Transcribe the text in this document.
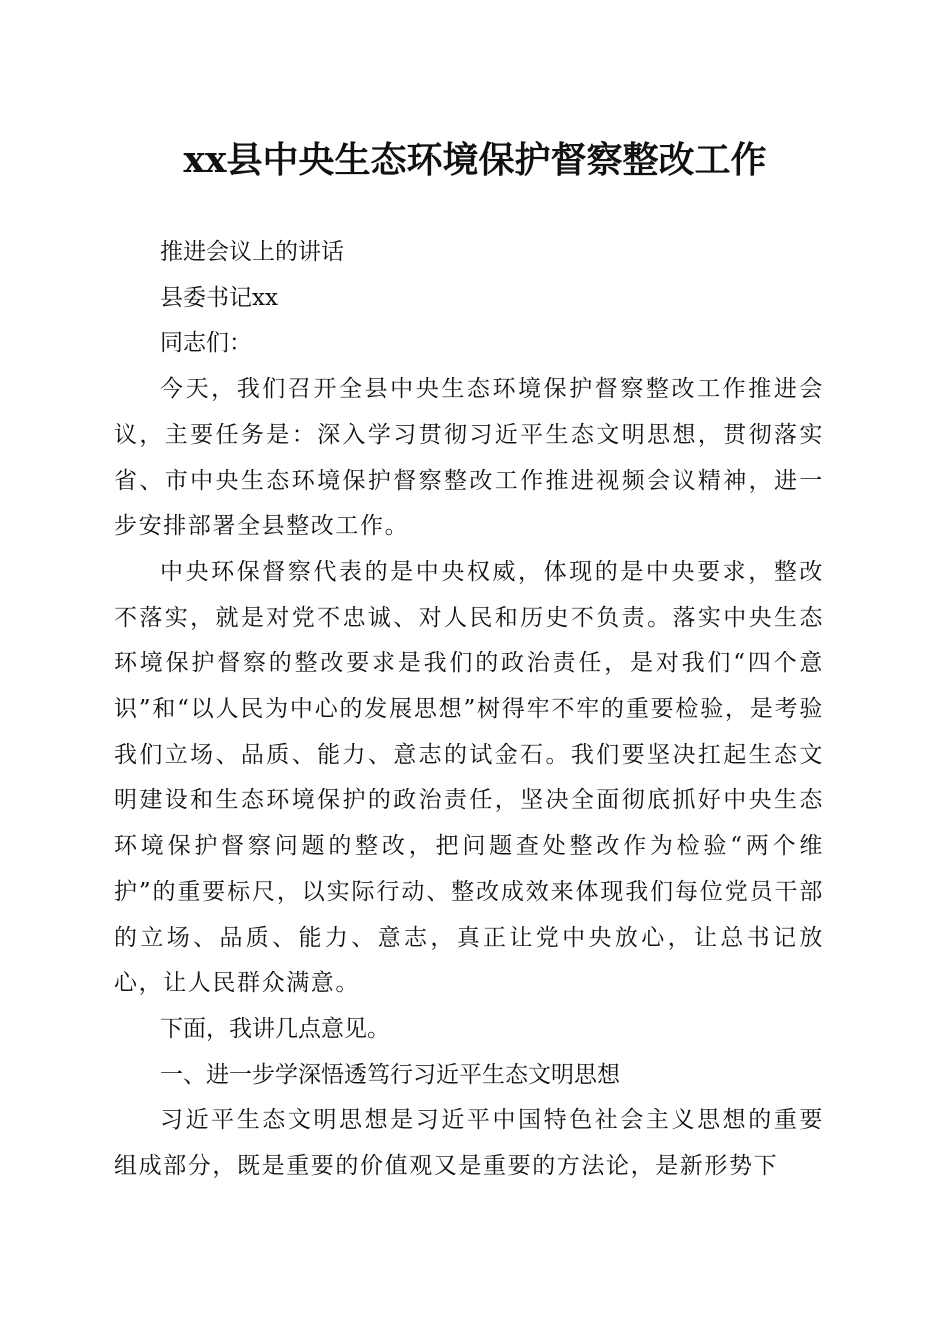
xx县中央生态环境保护督察整改工作

推进会议上的讲话

县委书记xx

同志们：

今天，我们召开全县中央生态环境保护督察整改工作推进会议，主要任务是：深入学习贯彻习近平生态文明思想，贯彻落实省、市中央生态环境保护督察整改工作推进视频会议精神，进一步安排部署全县整改工作。

中央环保督察代表的是中央权威，体现的是中央要求，整改不落实，就是对党不忠诚、对人民和历史不负责。落实中央生态环境保护督察的整改要求是我们的政治责任，是对我们“四个意识”和“以人民为中心的发展思想”树得牢不牢的重要检验，是考验我们立场、品质、能力、意志的试金石。我们要坚决扛起生态文明建设和生态环境保护的政治责任，坚决全面彻底抓好中央生态环境保护督察问题的整改，把问题查处整改作为检验“两个维护”的重要标尺，以实际行动、整改成效来体现我们每位党员干部的立场、品质、能力、意志，真正让党中央放心，让总书记放心，让人民群众满意。

下面，我讲几点意见。

一、进一步学深悟透笃行习近平生态文明思想

习近平生态文明思想是习近平中国特色社会主义思想的重要组成部分，既是重要的价值观又是重要的方法论，是新形势下
